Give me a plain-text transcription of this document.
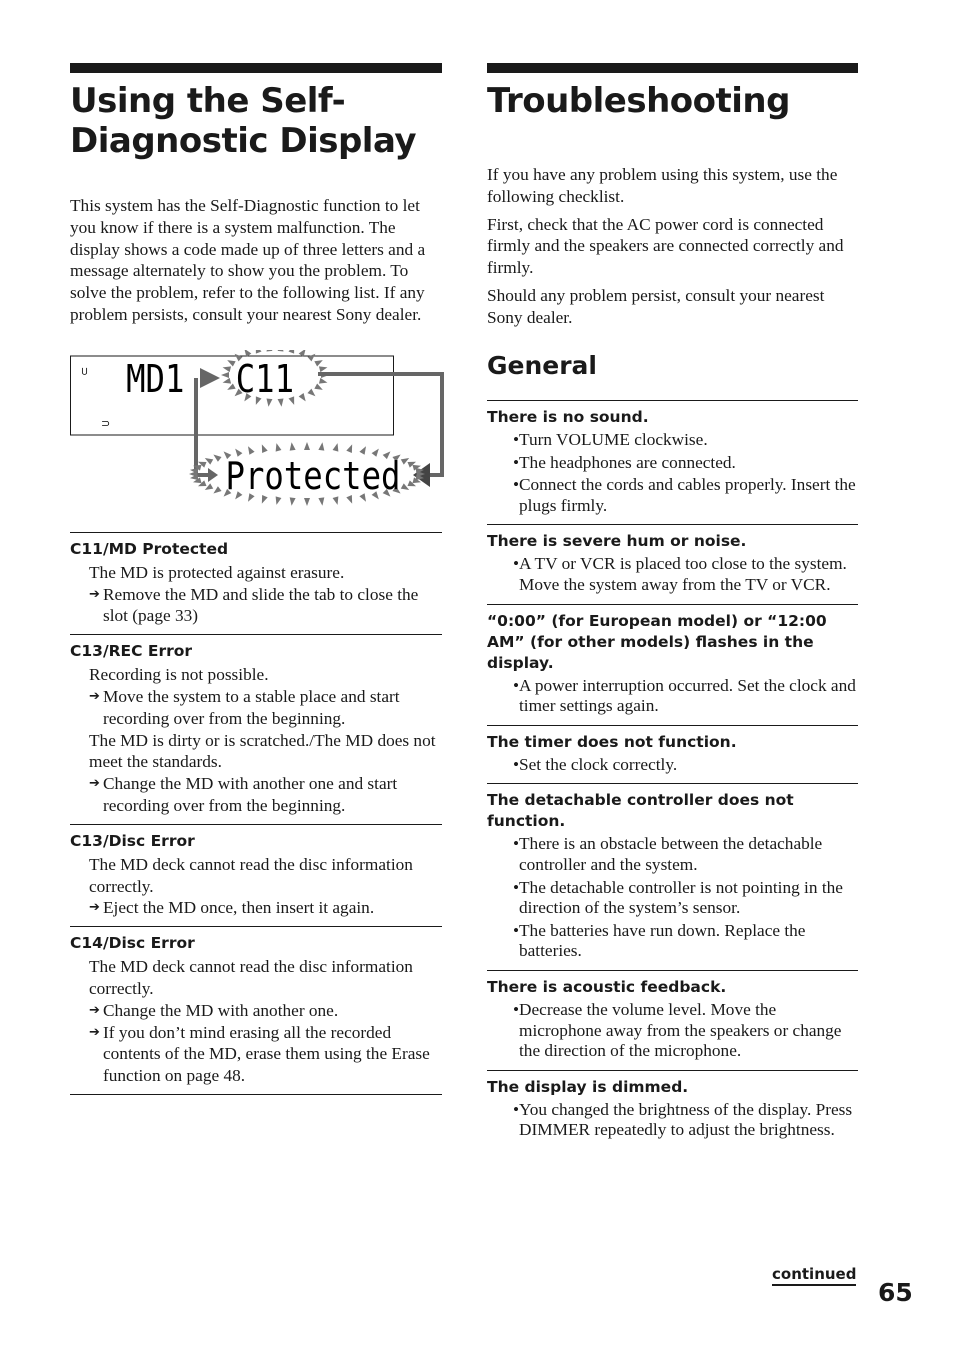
Using the Self-
Diagnostic Display

This system has the Self-Diagnostic function to let you know if there is a system malfunction. The display shows a code made up of three letters and a message alternately to show you the problem. To solve the problem, refer to the following list. If any problem persists, consult your nearest Sony dealer.

⊂
⊃
MD1 C11
Protected
C11/MD Protected

The MD is protected against erasure.

➔ Remove the MD and slide the tab to close the slot (page 33)
C13/REC Error

Recording is not possible.

➔ Move the system to a stable place and start recording over from the beginning.

The MD is dirty or is scratched./The MD does not meet the standards.

➔ Change the MD with another one and start recording over from the beginning.
C13/Disc Error

The MD deck cannot read the disc information correctly.

➔ Eject the MD once, then insert it again.
C14/Disc Error

The MD deck cannot read the disc information correctly.

➔ Change the MD with another one.
➔ If you don’t mind erasing all the recorded contents of the MD, erase them using the Erase function on page 48.
Troubleshooting

If you have any problem using this system, use the following checklist.

First, check that the AC power cord is connected firmly and the speakers are connected correctly and firmly.

Should any problem persist, consult your nearest Sony dealer.

General
There is no sound.
• Turn VOLUME clockwise.
• The headphones are connected.
• Connect the cords and cables properly. Insert the plugs firmly.
There is severe hum or noise.
• A TV or VCR is placed too close to the system. Move the system away from the TV or VCR.
“0:00” (for European model) or “12:00 AM” (for other models) flashes in the display.
• A power interruption occurred. Set the clock and timer settings again.
The timer does not function.
• Set the clock correctly.
The detachable controller does not function.
• There is an obstacle between the detachable controller and the system.
• The detachable controller is not pointing in the direction of the system’s sensor.
• The batteries have run down. Replace the batteries.
There is acoustic feedback.
• Decrease the volume level. Move the microphone away from the speakers or change the direction of the microphone.
The display is dimmed.
• You changed the brightness of the display. Press DIMMER repeatedly to adjust the brightness.
continued
65
